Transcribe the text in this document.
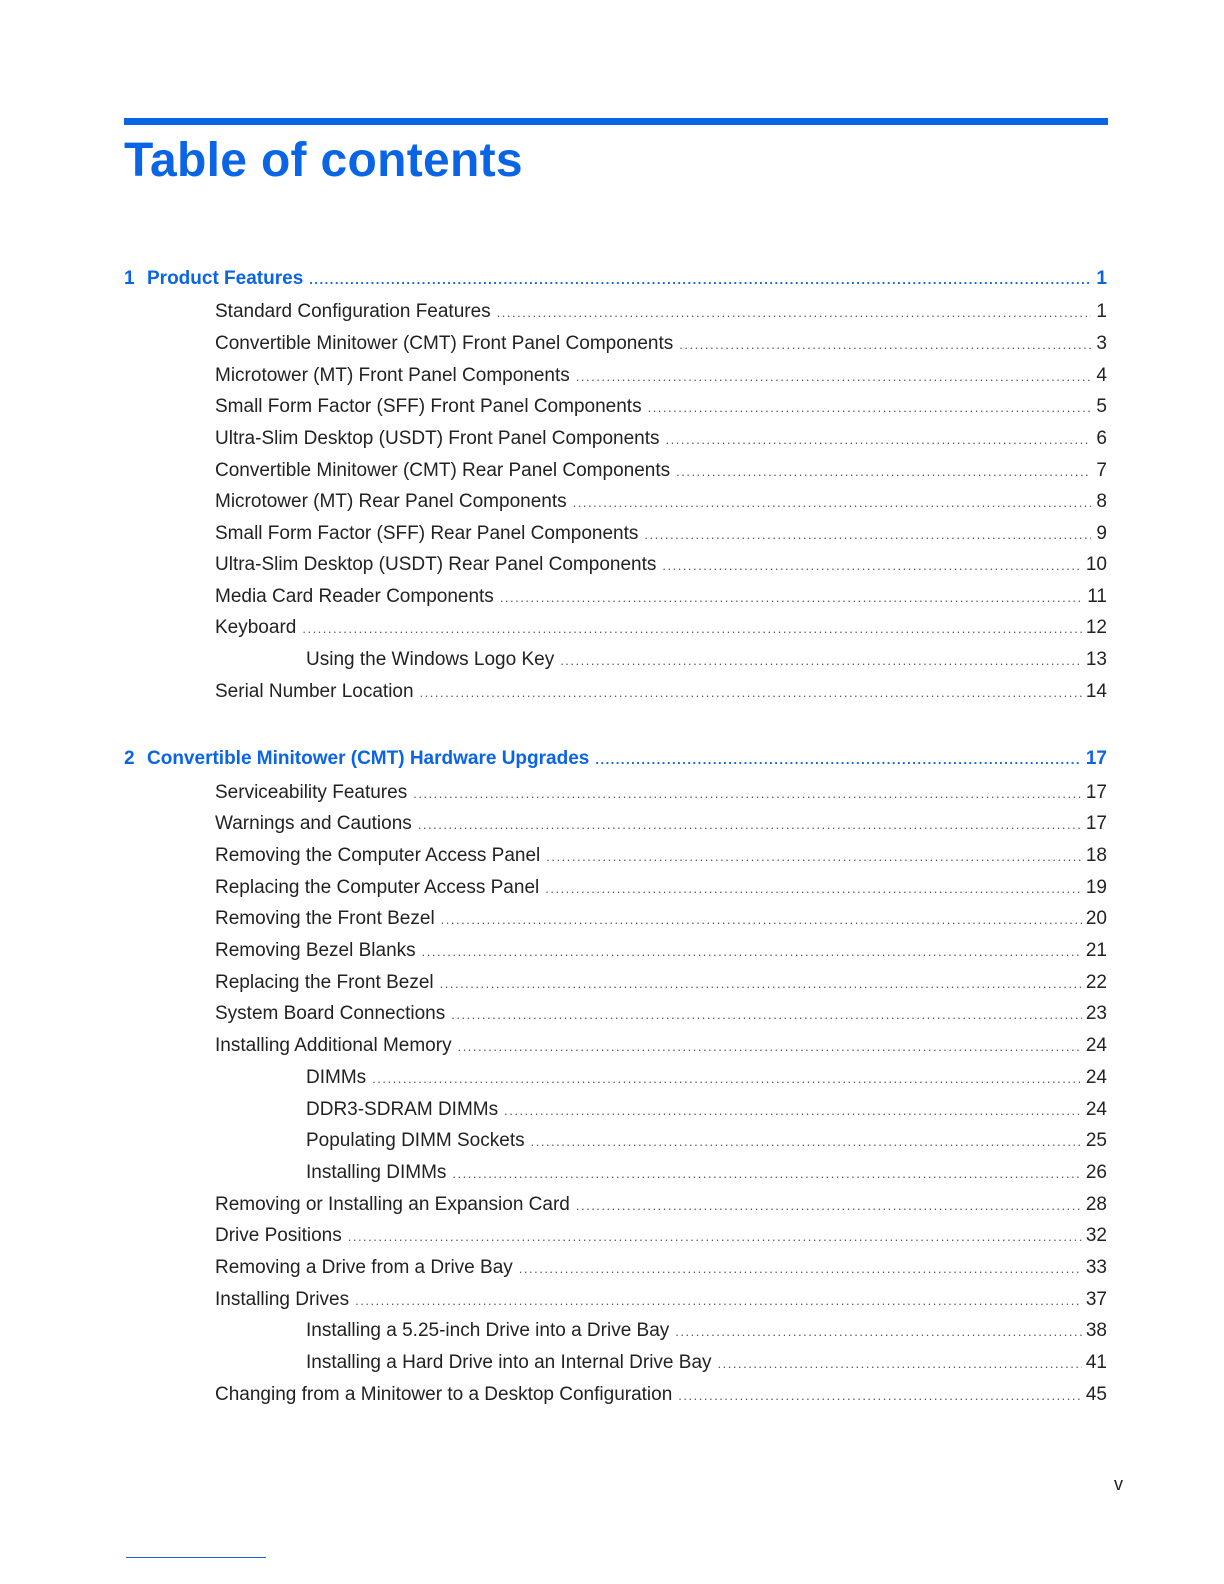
Table of contents
1 Product Features .....	1
Standard Configuration Features .....	1
Convertible Minitower (CMT) Front Panel Components .....	3
Microtower (MT) Front Panel Components .....	4
Small Form Factor (SFF) Front Panel Components .....	5
Ultra-Slim Desktop (USDT) Front Panel Components .....	6
Convertible Minitower (CMT) Rear Panel Components .....	7
Microtower (MT) Rear Panel Components .....	8
Small Form Factor (SFF) Rear Panel Components .....	9
Ultra-Slim Desktop (USDT) Rear Panel Components .....	10
Media Card Reader Components .....	11
Keyboard .....	12
Using the Windows Logo Key .....	13
Serial Number Location .....	14
2 Convertible Minitower (CMT) Hardware Upgrades .....	17
Serviceability Features .....	17
Warnings and Cautions .....	17
Removing the Computer Access Panel .....	18
Replacing the Computer Access Panel .....	19
Removing the Front Bezel .....	20
Removing Bezel Blanks .....	21
Replacing the Front Bezel .....	22
System Board Connections .....	23
Installing Additional Memory .....	24
DIMMs .....	24
DDR3-SDRAM DIMMs .....	24
Populating DIMM Sockets .....	25
Installing DIMMs .....	26
Removing or Installing an Expansion Card .....	28
Drive Positions .....	32
Removing a Drive from a Drive Bay .....	33
Installing Drives .....	37
Installing a 5.25-inch Drive into a Drive Bay .....	38
Installing a Hard Drive into an Internal Drive Bay .....	41
Changing from a Minitower to a Desktop Configuration .....	45
v
